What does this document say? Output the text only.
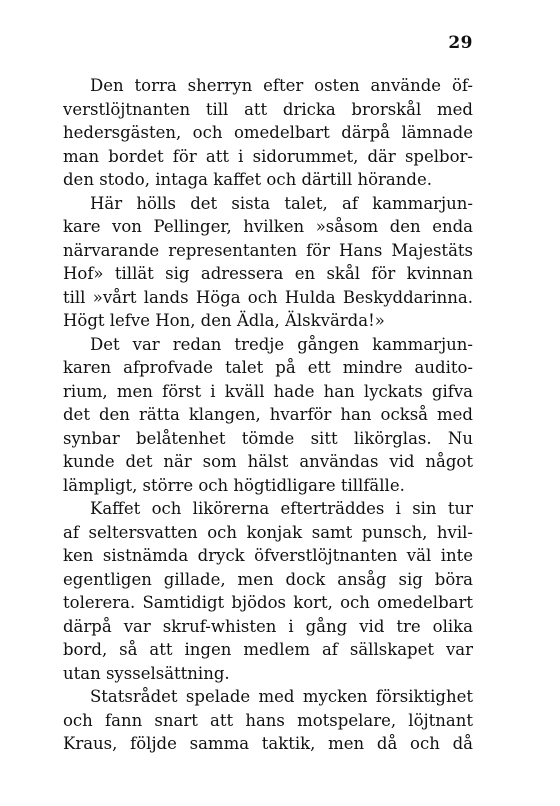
29
Den torra sherryn efter osten använde öf-
verstlöjtnanten till att dricka brorskål med
hedersgästen, och omedelbart därpå lämnade
man bordet för att i sidorummet, där spelbor-
den stodo, intaga kaffet och därtill hörande.
Här hölls det sista talet, af kammarjun-
kare von Pellinger, hvilken »såsom den enda
närvarande representanten för Hans Majestäts
Hof» tillät sig adressera en skål för kvinnan
till »vårt lands Höga och Hulda Beskyddarinna.
Högt lefve Hon, den Ädla, Älskvärda!»
Det var redan tredje gången kammarjun-
karen afprofvade talet på ett mindre audito-
rium, men först i kväll hade han lyckats gifva
det den rätta klangen, hvarför han också med
synbar belåtenhet tömde sitt likörglas. Nu
kunde det när som hälst användas vid något
lämpligt, större och högtidligare tillfälle.
Kaffet och likörerna efterträddes i sin tur
af seltersvatten och konjak samt punsch, hvil-
ken sistnämda dryck öfverstlöjtnanten väl inte
egentligen gillade, men dock ansåg sig böra
tolerera. Samtidigt bjödos kort, och omedelbart
därpå var skruf-whisten i gång vid tre olika
bord, så att ingen medlem af sällskapet var
utan sysselsättning.
Statsrådet spelade med mycken försiktighet
och fann snart att hans motspelare, löjtnant
Kraus, följde samma taktik, men då och då
